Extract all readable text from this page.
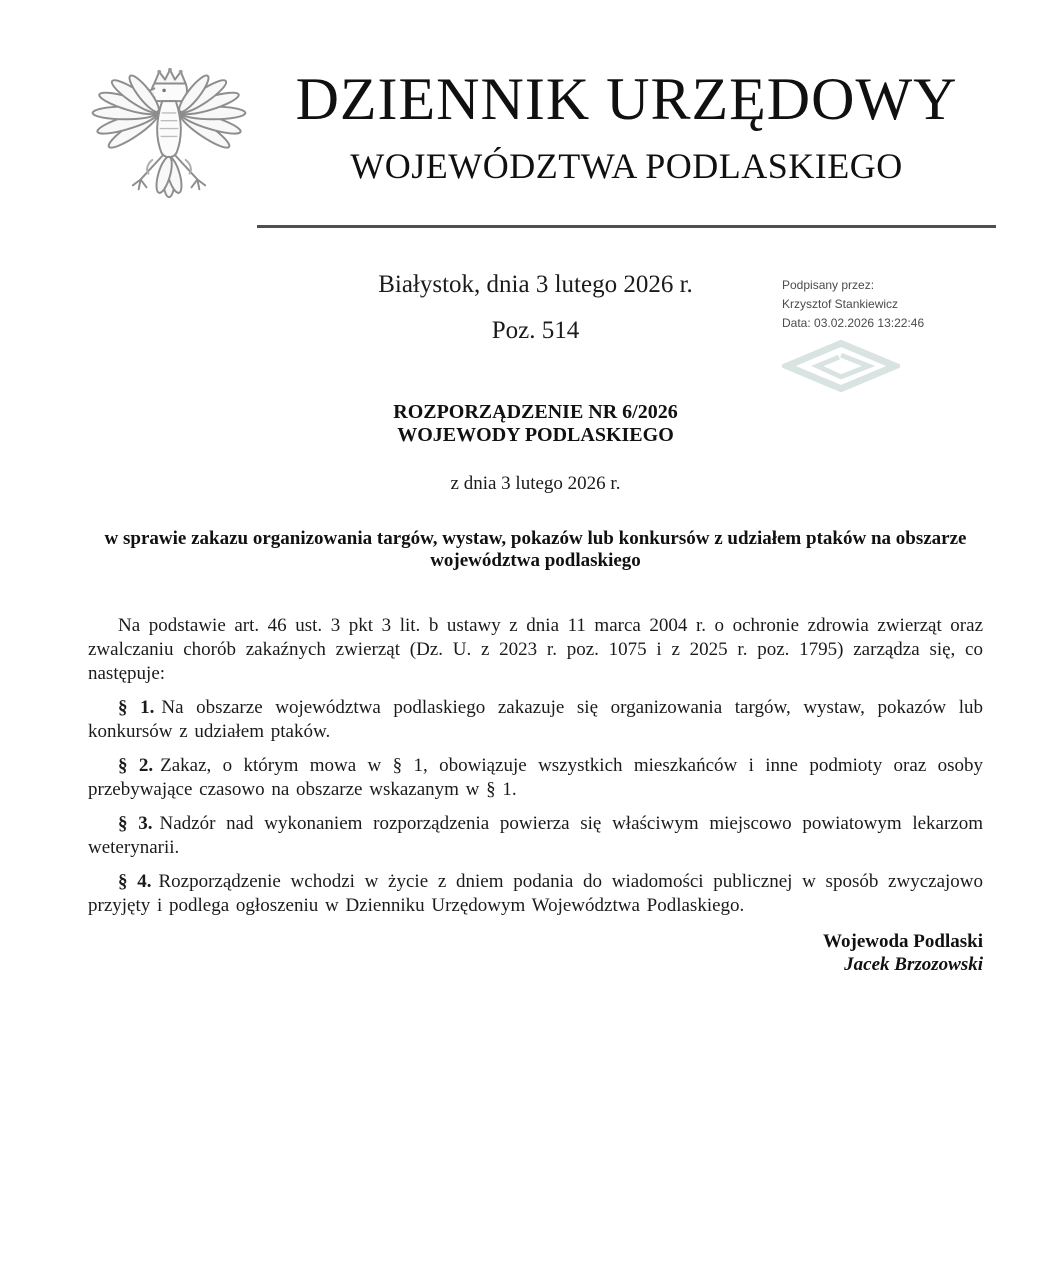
DZIENNIK URZĘDOWY
WOJEWÓDZTWA PODLASKIEGO
Podpisany przez:
Krzysztof Stankiewicz
Data: 03.02.2026 13:22:46
Białystok, dnia 3 lutego 2026 r.
Poz. 514
ROZPORZĄDZENIE NR 6/2026
WOJEWODY PODLASKIEGO
z dnia 3 lutego 2026 r.
w sprawie zakazu organizowania targów, wystaw, pokazów lub konkursów z udziałem ptaków na obszarze województwa podlaskiego

Na podstawie art. 46 ust. 3 pkt 3 lit. b ustawy z dnia 11 marca 2004 r. o ochronie zdrowia zwierząt oraz zwalczaniu chorób zakaźnych zwierząt (Dz. U. z 2023 r. poz. 1075 i z 2025 r. poz. 1795) zarządza się, co następuje:

§ 1. Na obszarze województwa podlaskiego zakazuje się organizowania targów, wystaw, pokazów lub konkursów z udziałem ptaków.

§ 2. Zakaz, o którym mowa w § 1, obowiązuje wszystkich mieszkańców i inne podmioty oraz osoby przebywające czasowo na obszarze wskazanym w § 1.

§ 3. Nadzór nad wykonaniem rozporządzenia powierza się właściwym miejscowo powiatowym lekarzom weterynarii.

§ 4. Rozporządzenie wchodzi w życie z dniem podania do wiadomości publicznej w sposób zwyczajowo przyjęty i podlega ogłoszeniu w Dzienniku Urzędowym Województwa Podlaskiego.

Wojewoda Podlaski
Jacek Brzozowski
